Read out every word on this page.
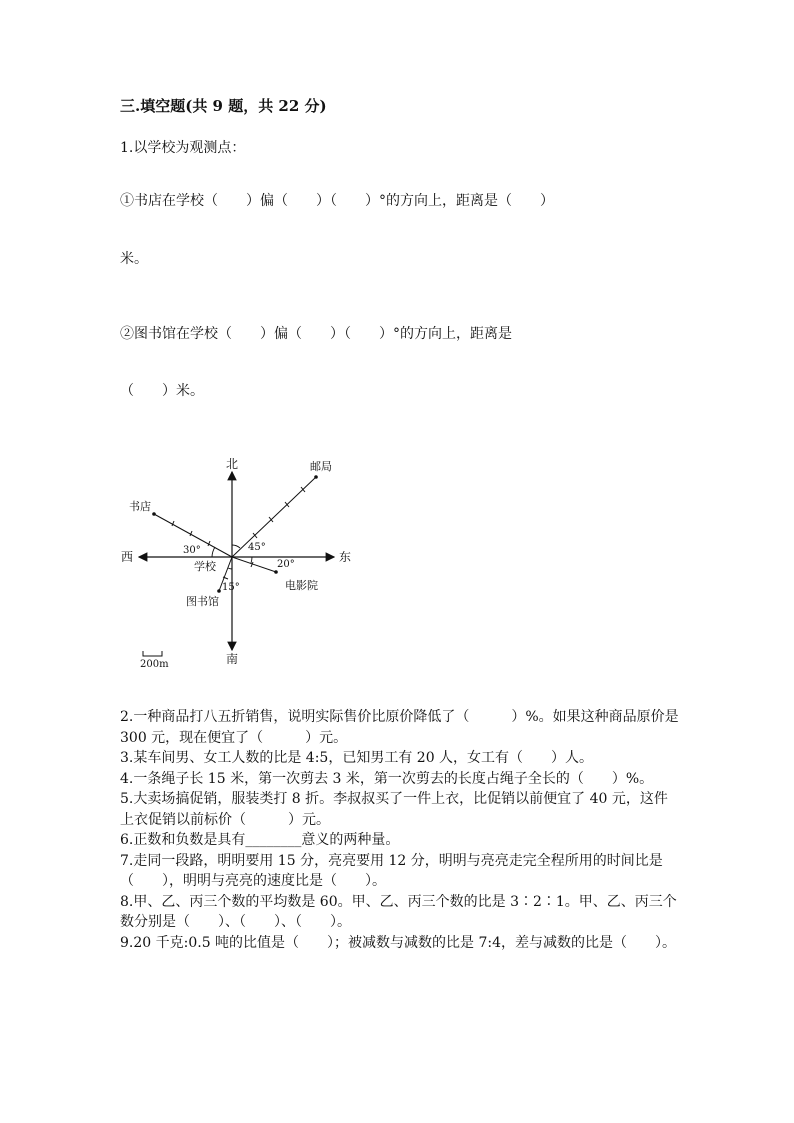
三.填空题(共 9 题，共 22 分)
1.以学校为观测点：
①书店在学校（　　）偏（　　）（　　）°的方向上，距离是（　　）
米。
②图书馆在学校（　　）偏（　　）（　　）°的方向上，距离是
（　　）米。
北
南
东
西
邮局
书店
学校
电影院
图书馆
30°	45°
20°
15°
200m
2.一种商品打八五折销售，说明实际售价比原价降低了（　　　）%。如果这种商品原价是 300 元，现在便宜了（　　　）元。
3.某车间男、女工人数的比是 4:5，已知男工有 20 人，女工有（　　）人。
4.一条绳子长 15 米，第一次剪去 3 米，第一次剪去的长度占绳子全长的（　　）%。
5.大卖场搞促销，服装类打 8 折。李叔叔买了一件上衣，比促销以前便宜了 40 元，这件上衣促销以前标价（　　　）元。
6.正数和负数是具有________意义的两种量。
7.走同一段路，明明要用 15 分，亮亮要用 12 分，明明与亮亮走完全程所用的时间比是（　　），明明与亮亮的速度比是（　　）。
8.甲、乙、丙三个数的平均数是 60。甲、乙、丙三个数的比是 3∶2∶1。甲、乙、丙三个数分别是（　　）、（　　）、（　　）。
9.20 千克:0.5 吨的比值是（　　）；被减数与减数的比是 7:4，差与减数的比是（　　）。
